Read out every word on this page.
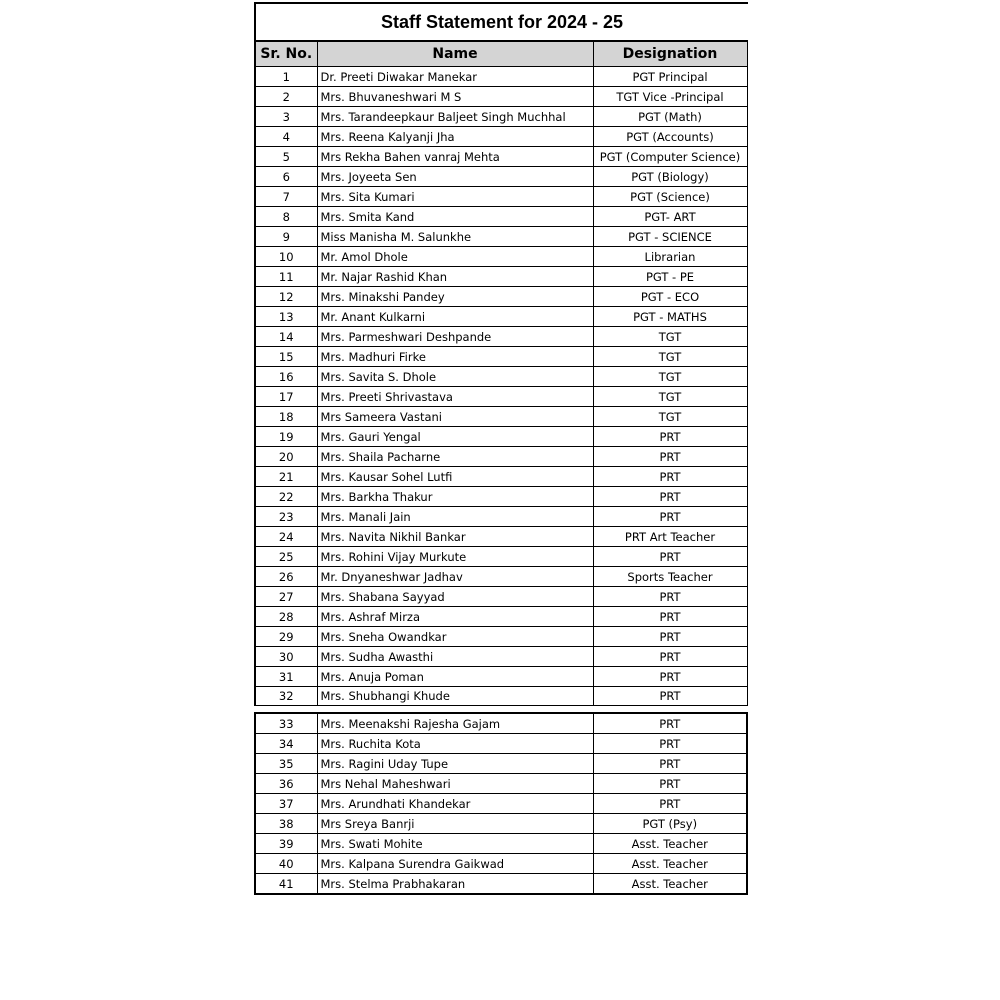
Staff Statement for 2024 - 25
Sr. No.	Name	Designation
1	Dr. Preeti Diwakar Manekar	PGT Principal
2	Mrs. Bhuvaneshwari M S	TGT Vice -Principal
3	Mrs. Tarandeepkaur Baljeet Singh Muchhal	PGT (Math)
4	Mrs. Reena Kalyanji Jha	PGT (Accounts)
5	Mrs Rekha Bahen vanraj Mehta	PGT (Computer Science)
6	Mrs. Joyeeta Sen	PGT (Biology)
7	Mrs. Sita Kumari	PGT (Science)
8	Mrs. Smita Kand	PGT- ART
9	Miss Manisha M. Salunkhe	PGT - SCIENCE
10	Mr. Amol Dhole	Librarian
11	Mr. Najar Rashid Khan	PGT - PE
12	Mrs. Minakshi Pandey	PGT - ECO
13	Mr. Anant Kulkarni	PGT - MATHS
14	Mrs. Parmeshwari Deshpande	TGT
15	Mrs. Madhuri Firke	TGT
16	Mrs. Savita S. Dhole	TGT
17	Mrs. Preeti Shrivastava	TGT
18	Mrs Sameera Vastani	TGT
19	Mrs. Gauri Yengal	PRT
20	Mrs. Shaila Pacharne	PRT
21	Mrs. Kausar Sohel Lutfi	PRT
22	Mrs. Barkha Thakur	PRT
23	Mrs. Manali Jain	PRT
24	Mrs. Navita Nikhil Bankar	PRT Art Teacher
25	Mrs. Rohini Vijay Murkute	PRT
26	Mr. Dnyaneshwar Jadhav	Sports Teacher
27	Mrs. Shabana Sayyad	PRT
28	Mrs. Ashraf Mirza	PRT
29	Mrs. Sneha Owandkar	PRT
30	Mrs. Sudha Awasthi	PRT
31	Mrs. Anuja Poman	PRT
32	Mrs. Shubhangi Khude	PRT
33	Mrs. Meenakshi Rajesha Gajam	PRT
34	Mrs. Ruchita Kota	PRT
35	Mrs. Ragini Uday Tupe	PRT
36	Mrs Nehal Maheshwari	PRT
37	Mrs. Arundhati Khandekar	PRT
38	Mrs Sreya Banrji	PGT (Psy)
39	Mrs. Swati Mohite	Asst. Teacher
40	Mrs. Kalpana Surendra Gaikwad	Asst. Teacher
41	Mrs. Stelma Prabhakaran	Asst. Teacher
